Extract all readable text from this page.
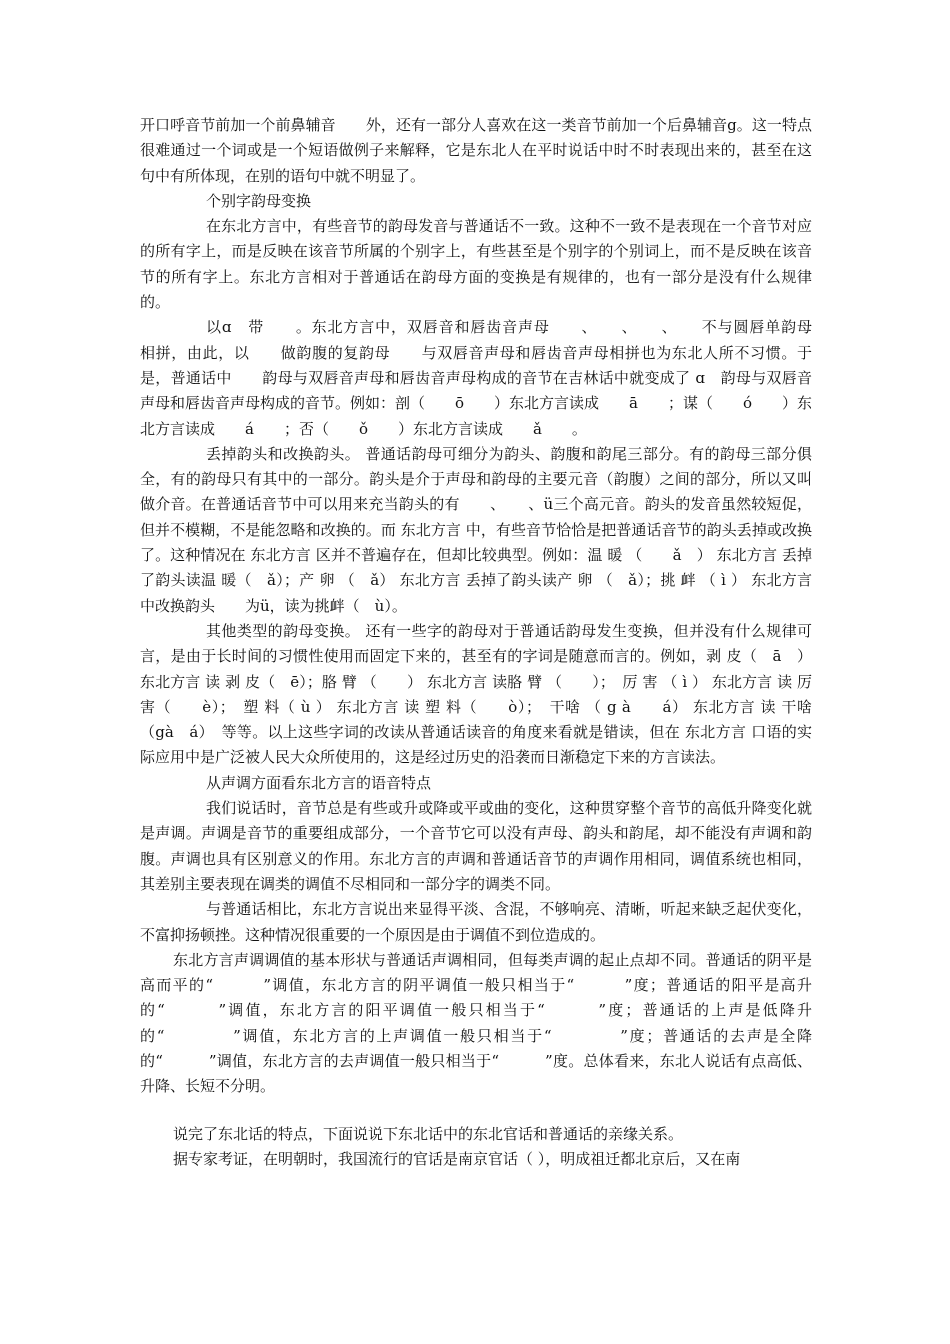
开口呼音节前加一个前鼻辅音　　外，还有一部分人喜欢在这一类音节前加一个后鼻辅音g。这一特点很难通过一个词或是一个短语做例子来解释，它是东北人在平时说话中时不时表现出来的，甚至在这句中有所体现，在别的语句中就不明显了。

个别字韵母变换

在东北方言中，有些音节的韵母发音与普通话不一致。这种不一致不是表现在一个音节对应的所有字上，而是反映在该音节所属的个别字上，有些甚至是个别字的个别词上，而不是反映在该音节的所有字上。东北方言相对于普通话在韵母方面的变换是有规律的，也有一部分是没有什么规律的。

以ɑ　带　　。东北方言中，双唇音和唇齿音声母　　、　　、　　、　　不与圆唇单韵母　　相拼，由此，以　　做韵腹的复韵母　　与双唇音声母和唇齿音声母相拼也为东北人所不习惯。于是，普通话中　　韵母与双唇音声母和唇齿音声母构成的音节在吉林话中就变成了 ɑ　韵母与双唇音声母和唇齿音声母构成的音节。例如：剖（　　ō　　）东北方言读成　　ā　　；谋（　　ó　　）东北方言读成　　á　　；否（　　ǒ　　）东北方言读成　　ǎ　　。

丢掉韵头和改换韵头。 普通话韵母可细分为韵头、韵腹和韵尾三部分。有的韵母三部分俱全，有的韵母只有其中的一部分。韵头是介于声母和韵母的主要元音（韵腹）之间的部分，所以又叫做介音。在普通话音节中可以用来充当韵头的有　　、　　、ü三个高元音。韵头的发音虽然较短促，但并不模糊，不是能忽略和改换的。而 东北方言 中，有些音节恰恰是把普通话音节的韵头丢掉或改换了。这种情况在 东北方言 区并不普遍存在，但却比较典型。例如：温 暖 （　　ǎ　） 东北方言 丢掉了韵头读温 暖（　ǎ）；产 卵 （　ǎ） 东北方言 丢掉了韵头读产 卵 （　ǎ）；挑 衅 （ ì ） 东北方言 中改换韵头　　为ü，读为挑衅（　ù）。

其他类型的韵母变换。 还有一些字的韵母对于普通话韵母发生变换，但并没有什么规律可言，是由于长时间的习惯性使用而固定下来的，甚至有的字词是随意而言的。例如，剥 皮（　ā　） 东北方言 读 剥 皮（　ē）；胳 臂 （　　） 东北方言 读胳 臂 （　　）；　厉 害 （ ì ） 东北方言 读 厉 害（　　è）；　塑 料（ ù ） 东北方言 读 塑 料（　　ò）；　干啥 （ g à　　á） 东北方言 读 干啥 （gà　á）　等等。以上这些字词的改读从普通话读音的角度来看就是错读，但在 东北方言 口语的实际应用中是广泛被人民大众所使用的，这是经过历史的沿袭而日渐稳定下来的方言读法。

从声调方面看东北方言的语音特点

我们说话时，音节总是有些或升或降或平或曲的变化，这种贯穿整个音节的高低升降变化就是声调。声调是音节的重要组成部分，一个音节它可以没有声母、韵头和韵尾，却不能没有声调和韵腹。声调也具有区别意义的作用。东北方言的声调和普通话音节的声调作用相同，调值系统也相同，其差别主要表现在调类的调值不尽相同和一部分字的调类不同。

与普通话相比，东北方言说出来显得平淡、含混，不够响亮、清晰，听起来缺乏起伏变化，不富抑扬顿挫。这种情况很重要的一个原因是由于调值不到位造成的。

东北方言声调调值的基本形状与普通话声调相同，但每类声调的起止点却不同。普通话的阴平是高而平的“　　　”调值，东北方言的阴平调值一般只相当于“　　　”度；普通话的阳平是高升的“　　　”调值，东北方言的阳平调值一般只相当于“　　　”度；普通话的上声是低降升的“　　　　”调值，东北方言的上声调值一般只相当于“　　　　”度；普通话的去声是全降的“　　　”调值，东北方言的去声调值一般只相当于“　　　”度。总体看来，东北人说话有点高低、升降、长短不分明。

说完了东北话的特点，下面说说下东北话中的东北官话和普通话的亲缘关系。

据专家考证，在明朝时，我国流行的官话是南京官话（ ），明成祖迁都北京后，又在南
